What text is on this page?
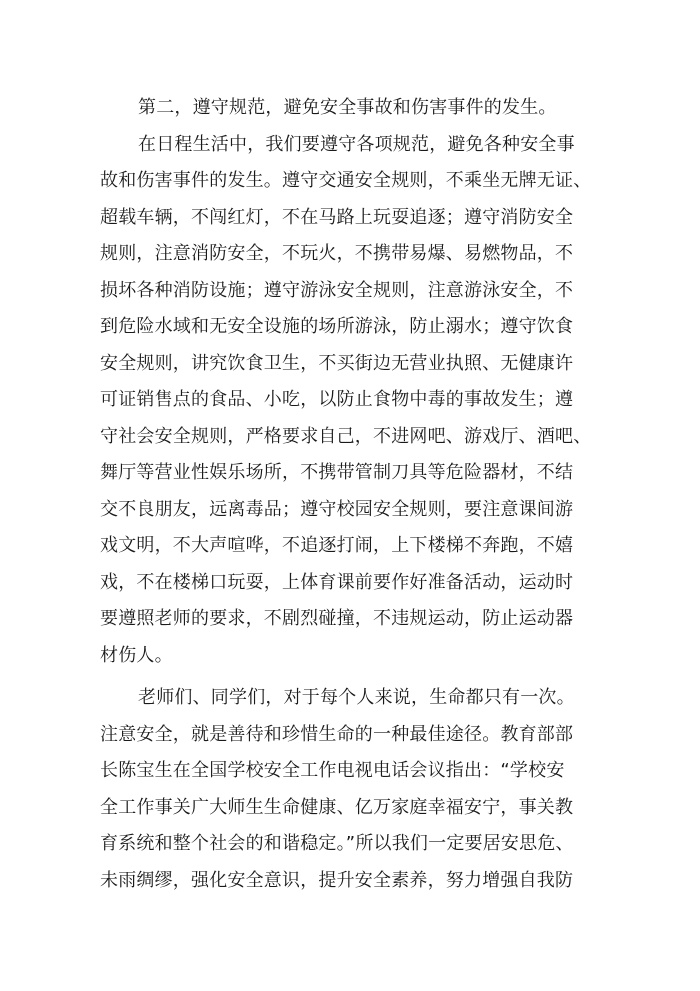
第二，遵守规范，避免安全事故和伤害事件的发生。
在日程生活中，我们要遵守各项规范，避免各种安全事
故和伤害事件的发生。遵守交通安全规则，不乘坐无牌无证、
超载车辆，不闯红灯，不在马路上玩耍追逐；遵守消防安全
规则，注意消防安全，不玩火，不携带易爆、易燃物品，不
损坏各种消防设施；遵守游泳安全规则，注意游泳安全，不
到危险水域和无安全设施的场所游泳，防止溺水；遵守饮食
安全规则，讲究饮食卫生，不买街边无营业执照、无健康许
可证销售点的食品、小吃，以防止食物中毒的事故发生；遵
守社会安全规则，严格要求自己，不进网吧、游戏厅、酒吧、
舞厅等营业性娱乐场所，不携带管制刀具等危险器材，不结
交不良朋友，远离毒品；遵守校园安全规则，要注意课间游
戏文明，不大声喧哗，不追逐打闹，上下楼梯不奔跑，不嬉
戏，不在楼梯口玩耍，上体育课前要作好准备活动，运动时
要遵照老师的要求，不剧烈碰撞，不违规运动，防止运动器
材伤人。
老师们、同学们，对于每个人来说，生命都只有一次。
注意安全，就是善待和珍惜生命的一种最佳途径。教育部部
长陈宝生在全国学校安全工作电视电话会议指出：“学校安
全工作事关广大师生生命健康、亿万家庭幸福安宁，事关教
育系统和整个社会的和谐稳定。”所以我们一定要居安思危、
未雨绸缪，强化安全意识，提升安全素养，努力增强自我防
